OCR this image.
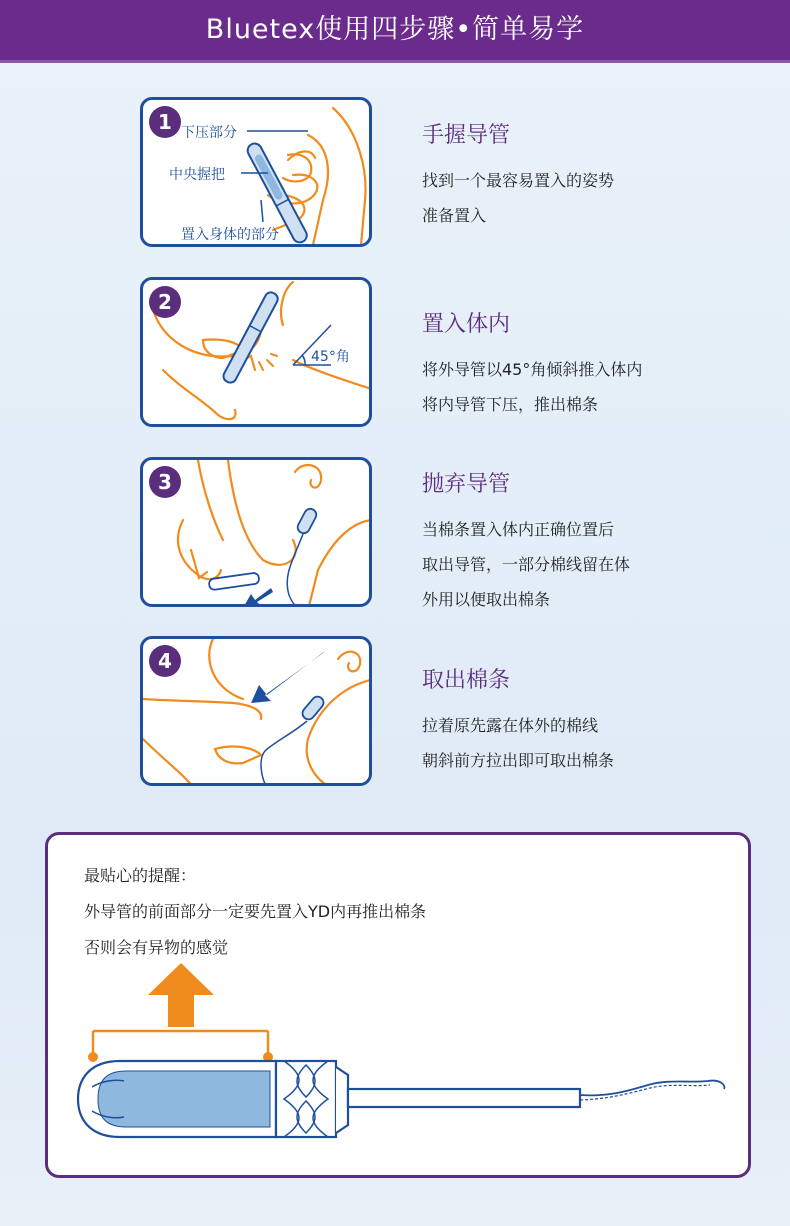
Bluetex使用四步骤•简单易学
1 下压部分
中央握把
置入身体的部分
手握导管
找到一个最容易置入的姿势
准备置入
2
45°角
置入体内
将外导管以45°角倾斜推入体内
将内导管下压，推出棉条
3	抛弃导管
当棉条置入体内正确位置后
取出导管，一部分棉线留在体
外用以便取出棉条
4
取出棉条
拉着原先露在体外的棉线
朝斜前方拉出即可取出棉条
最贴心的提醒：
外导管的前面部分一定要先置入YD内再推出棉条
否则会有异物的感觉
